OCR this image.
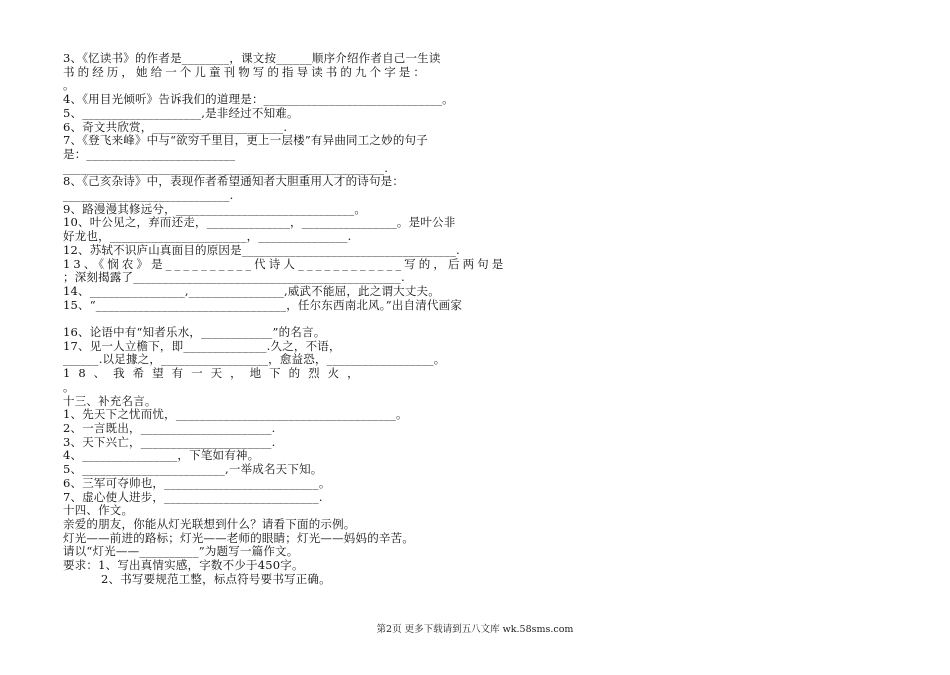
3、《忆读书》的作者是________，课文按______顺序介绍作者自己一生读
书的经历，她给一个儿童刊物写的指导读书的九个字是：
。
4、《用目光倾听》告诉我们的道理是：______________________________。
5、____________________,是非经过不知难。
6、奇文共欣赏，______________________.
7、《登飞来峰》中与“欲穷千里目，更上一层楼”有异曲同工之妙的句子
是：_________________________
______________________________________________________.
8、《己亥杂诗》中，表现作者希望通知者大胆重用人才的诗句是：
____________________________.
9、路漫漫其修远兮，______________________________。
10、叶公见之，弃而还走，______________，________________。是叶公非
好龙也，_______________________，_______________.
12、苏轼不识庐山真面目的原因是____________________________________.
13、《悯农》是__________代诗人____________写的，后两句是
；深刻揭露了_____________________________________________.
14、________________,________________,威武不能屈，此之谓大丈夫。
15、“________________________________，任尔东西南北风。”出自清代画家

16、论语中有“知者乐水，____________”的名言。
17、见一人立檐下，即______________.久之，不语，
______.以足據之，__________________，愈益恐，__________________。
18、我希望有一天，地下的烈火，
。
十三、补充名言。
1、先天下之忧而忧，_____________________________________。
2、一言既出，______________________.
3、天下兴亡，______________________.
4、________________，下笔如有神。
5、________________________,一举成名天下知。
6、三军可夺帅也，__________________________。
7、虚心使人进步，__________________________.
十四、作文。
亲爱的朋友，你能从灯光联想到什么？请看下面的示例。
灯光——前进的路标；灯光——老师的眼睛；灯光——妈妈的辛苦。
请以“灯光——__________”为题写一篇作文。
要求：1、写出真情实感，字数不少于450字。
2、书写要规范工整，标点符号要书写正确。
第2页 更多下载请到五八文库 wk.58sms.com
